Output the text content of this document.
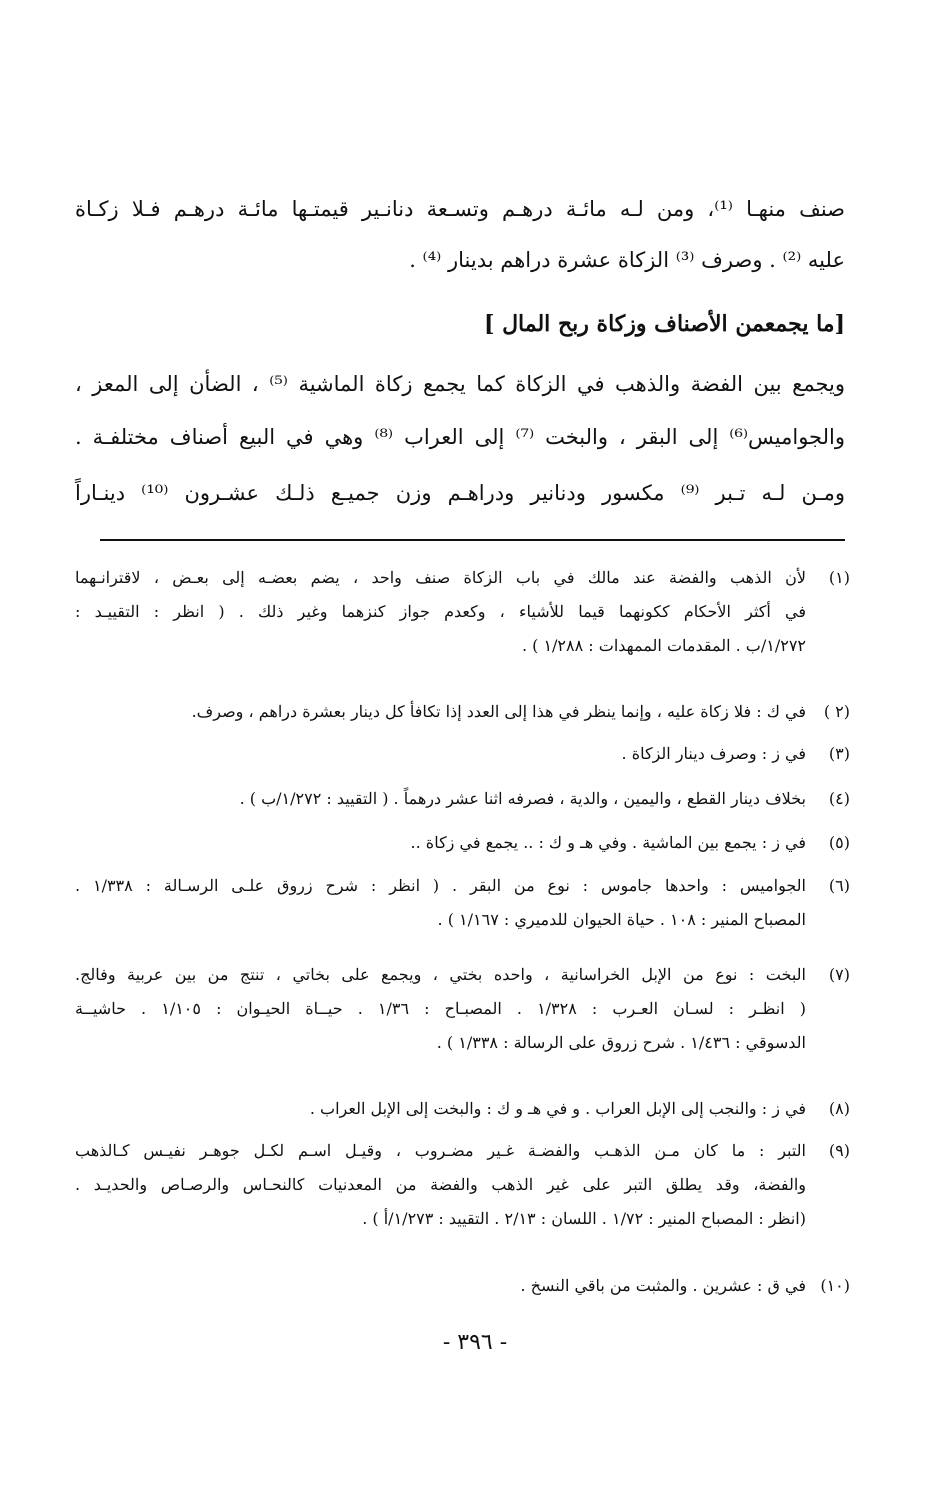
صنف منهـا ⁽¹⁾، ومن لـه مائـة درهـم وتسـعة دنانـير قيمتـها مائـة درهـم فـلا زكـاة
عليه ⁽²⁾ . وصرف ⁽³⁾ الزكاة عشرة دراهم بدينار ⁽⁴⁾ .
[ما يجمعمن الأصناف وزكاة ربح المال ]
ويجمع بين الفضة والذهب في الزكاة كما يجمع زكاة الماشية ⁽⁵⁾ ، الضأن إلى المعز ،
والجواميس⁽⁶⁾ إلى البقر ، والبخت ⁽⁷⁾ إلى العراب ⁽⁸⁾ وهي في البيع أصناف مختلفـة .
ومـن لـه تـبر ⁽⁹⁾ مكسور ودنانير ودراهـم وزن جميـع ذلـك عشـرون ⁽¹⁰⁾ دينـاراً
(١)
لأن الذهب والفضة عند مالك في باب الزكاة صنف واحد ، يضم بعضـه إلى بعـض ، لاقترانـهما
في أكثر الأحكام ككونهما قيما للأشياء ، وكعدم جواز كنزهما وغير ذلك . ( انظر : التقييـد :
١/٢٧٢/ب . المقدمات الممهدات : ١/٢٨٨ ) .
(٢ )
في ك : فلا زكاة عليه ، وإنما ينظر في هذا إلى العدد إذا تكافأ كل دينار بعشرة دراهم ، وصرف.
(٣)
في ز : وصرف دينار الزكاة .
(٤)
بخلاف دينار القطع ، واليمين ، والدية ، فصرفه اثنا عشر درهماً . ( التقييد : ١/٢٧٢/ب ) .
(٥)
في ز : يجمع بين الماشية . وفي هـ و ك : .. يجمع في زكاة ..
(٦)
الجواميس : واحدها جاموس : نوع من البقر . ( انظر : شرح زروق علـى الرسـالة : ١/٣٣٨ .
المصباح المنير : ١٠٨ . حياة الحيوان للدميري : ١/١٦٧ ) .
(٧)
البخت : نوع من الإبل الخراسانية ، واحده بختي ، ويجمع على بخاتي ، تنتج من بين عربية وفالج.
( انظـر : لسـان العـرب : ١/٣٢٨ . المصبـاح : ١/٣٦ . حيــاة الحيـوان : ١/١٠٥ . حاشيــة
الدسوقي : ١/٤٣٦ . شرح زروق على الرسالة : ١/٣٣٨ ) .
(٨)
في ز : والنجب إلى الإبل العراب . و في هـ و ك : والبخت إلى الإبل العراب .
(٩)
التبر : ما كان مـن الذهـب والفضـة غـير مضـروب ، وقيـل اسـم لكـل جوهـر نفيـس كـالذهب
والفضة، وقد يطلق التبر على غير الذهب والفضة من المعدنيات كالنحـاس والرصـاص والحديـد .
(انظر : المصباح المنير : ١/٧٢ . اللسان : ٢/١٣ . التقييد : ١/٢٧٣/أ ) .
(١٠)
في ق : عشرين . والمثبت من باقي النسخ .
- ٣٩٦ -
